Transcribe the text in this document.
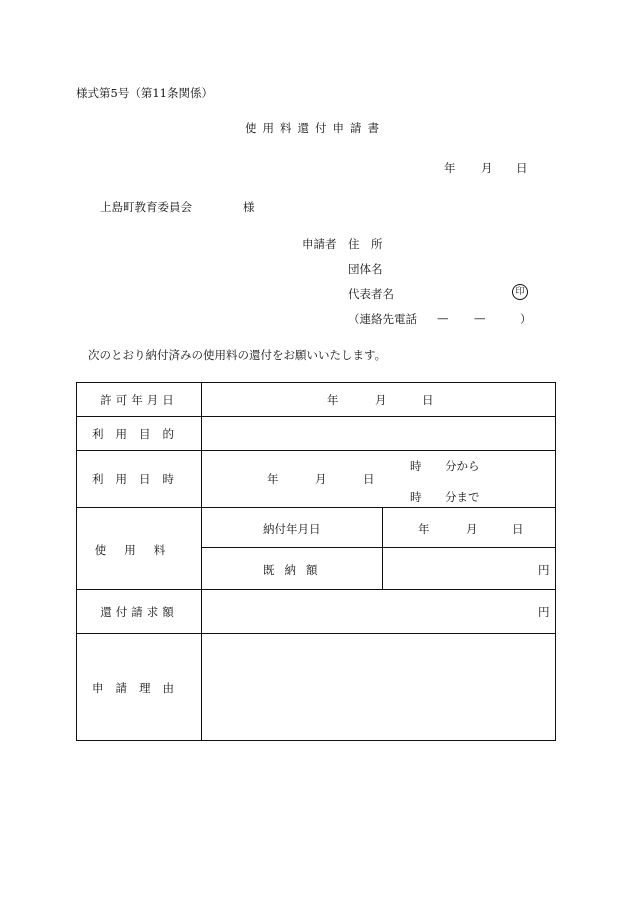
様式第5号（第11条関係）
使用料還付申請書
年 月 日
上島町教育委員会	様
申請者 住　所
団体名
代表者名	印
（連絡先電話 — —	）
次のとおり納付済みの使用料の還付をお願いいたします。
許可年月日	年	月	日
利用目的
利用日時	年	月	日
時 分から
時 分まで
使用料
納付年月日	年	月	日
既納額	円
還付請求額	円
申請理由
